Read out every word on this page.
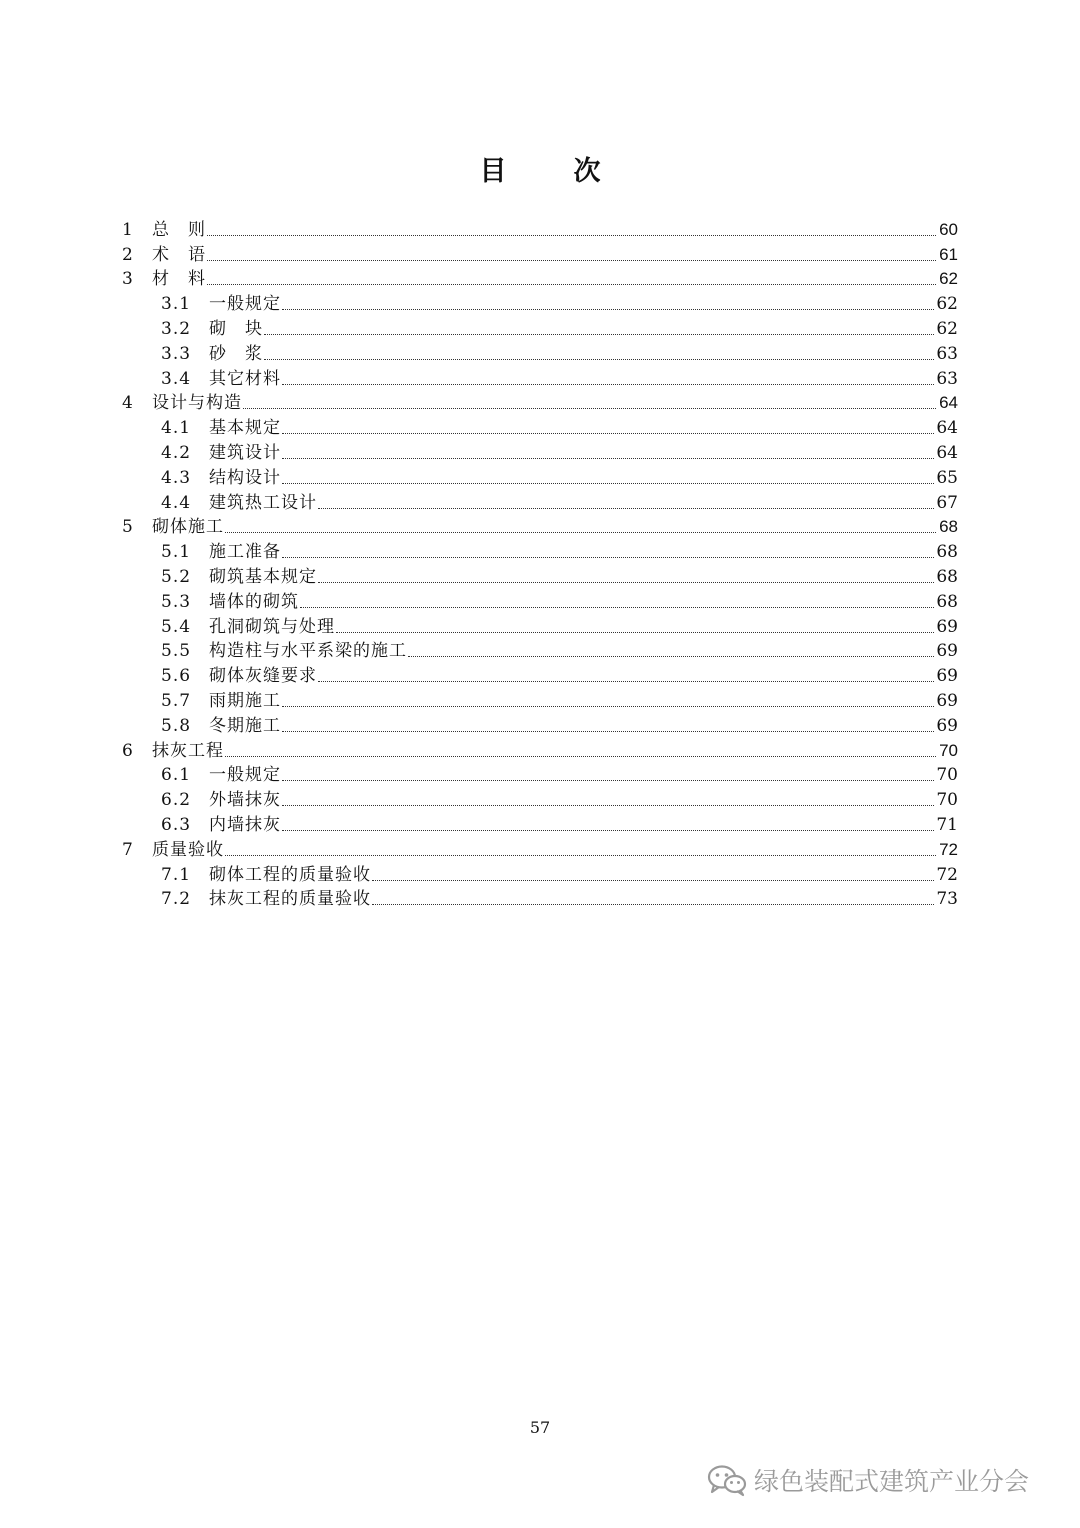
目　次
1	总　则	60
2	术　语	61
3	材　料	62
3.1	一般规定	62
3.2	砌　块	62
3.3	砂　浆	63
3.4	其它材料	63
4	设计与构造	64
4.1	基本规定	64
4.2	建筑设计	64
4.3	结构设计	65
4.4	建筑热工设计	67
5	砌体施工	68
5.1	施工准备	68
5.2	砌筑基本规定	68
5.3	墙体的砌筑	68
5.4	孔洞砌筑与处理	69
5.5	构造柱与水平系梁的施工	69
5.6	砌体灰缝要求	69
5.7	雨期施工	69
5.8	冬期施工	69
6	抹灰工程	70
6.1	一般规定	70
6.2	外墙抹灰	70
6.3	内墙抹灰	71
7	质量验收	72
7.1	砌体工程的质量验收	72
7.2	抹灰工程的质量验收	73
57
绿色装配式建筑产业分会
